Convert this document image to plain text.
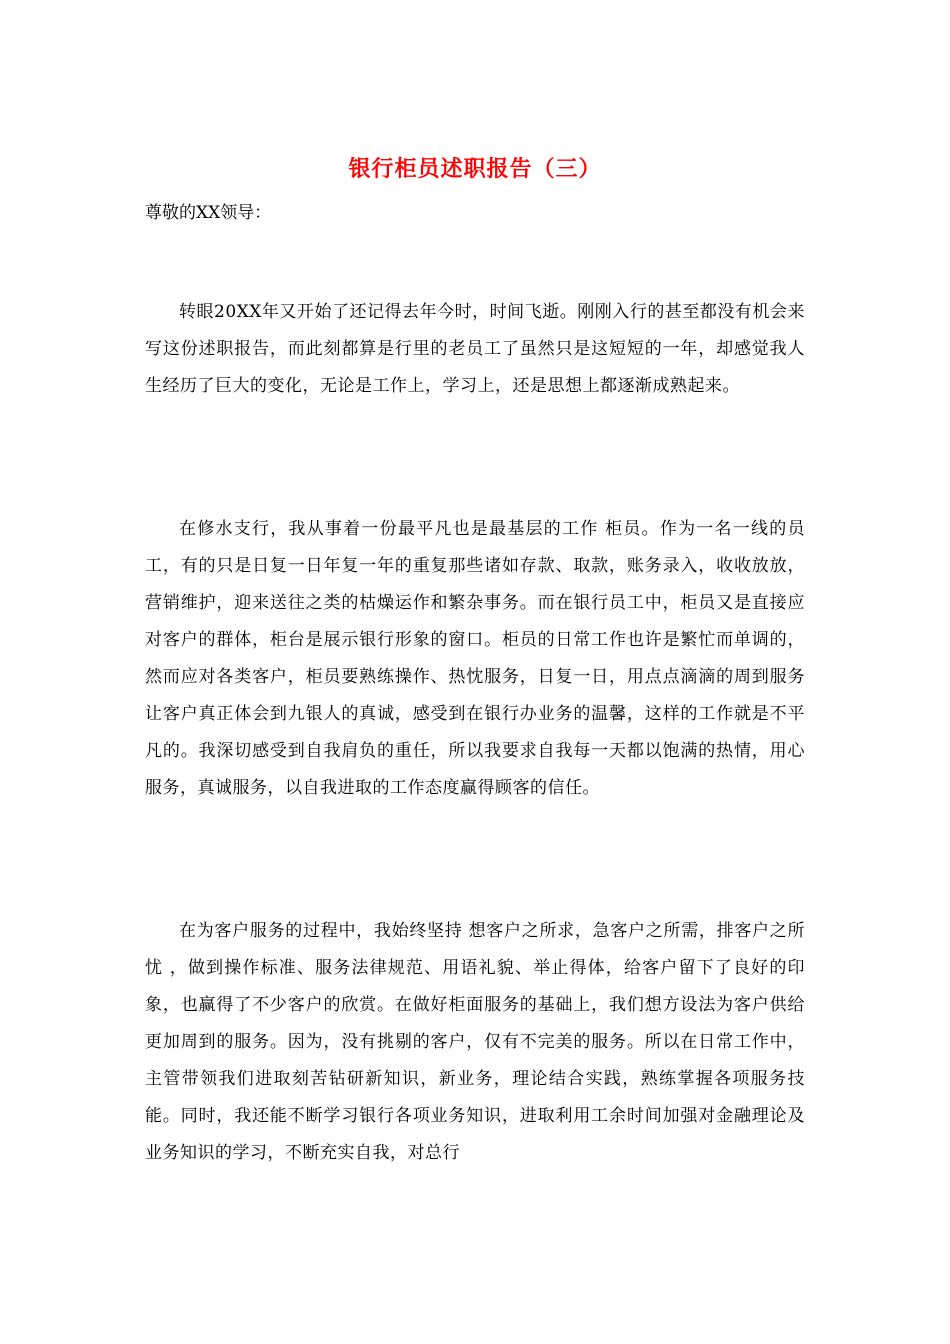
银行柜员述职报告（三）
尊敬的XX领导：

转眼20XX年又开始了还记得去年今时，时间飞逝。刚刚入行的甚至都没有机会来写这份述职报告，而此刻都算是行里的老员工了虽然只是这短短的一年，却感觉我人生经历了巨大的变化，无论是工作上，学习上，还是思想上都逐渐成熟起来。

在修水支行，我从事着一份最平凡也是最基层的工作 柜员。作为一名一线的员工，有的只是日复一日年复一年的重复那些诸如存款、取款，账务录入，收收放放，营销维护，迎来送往之类的枯燥运作和繁杂事务。而在银行员工中，柜员又是直接应对客户的群体，柜台是展示银行形象的窗口。柜员的日常工作也许是繁忙而单调的，然而应对各类客户，柜员要熟练操作、热忱服务，日复一日，用点点滴滴的周到服务让客户真正体会到九银人的真诚，感受到在银行办业务的温馨，这样的工作就是不平凡的。我深切感受到自我肩负的重任，所以我要求自我每一天都以饱满的热情，用心服务，真诚服务，以自我进取的工作态度赢得顾客的信任。

在为客户服务的过程中，我始终坚持 想客户之所求，急客户之所需，排客户之所忧 ，做到操作标准、服务法律规范、用语礼貌、举止得体，给客户留下了良好的印象，也赢得了不少客户的欣赏。在做好柜面服务的基础上，我们想方设法为客户供给更加周到的服务。因为，没有挑剔的客户，仅有不完美的服务。所以在日常工作中，主管带领我们进取刻苦钻研新知识，新业务，理论结合实践，熟练掌握各项服务技能。同时，我还能不断学习银行各项业务知识，进取利用工余时间加强对金融理论及业务知识的学习，不断充实自我，对总行
